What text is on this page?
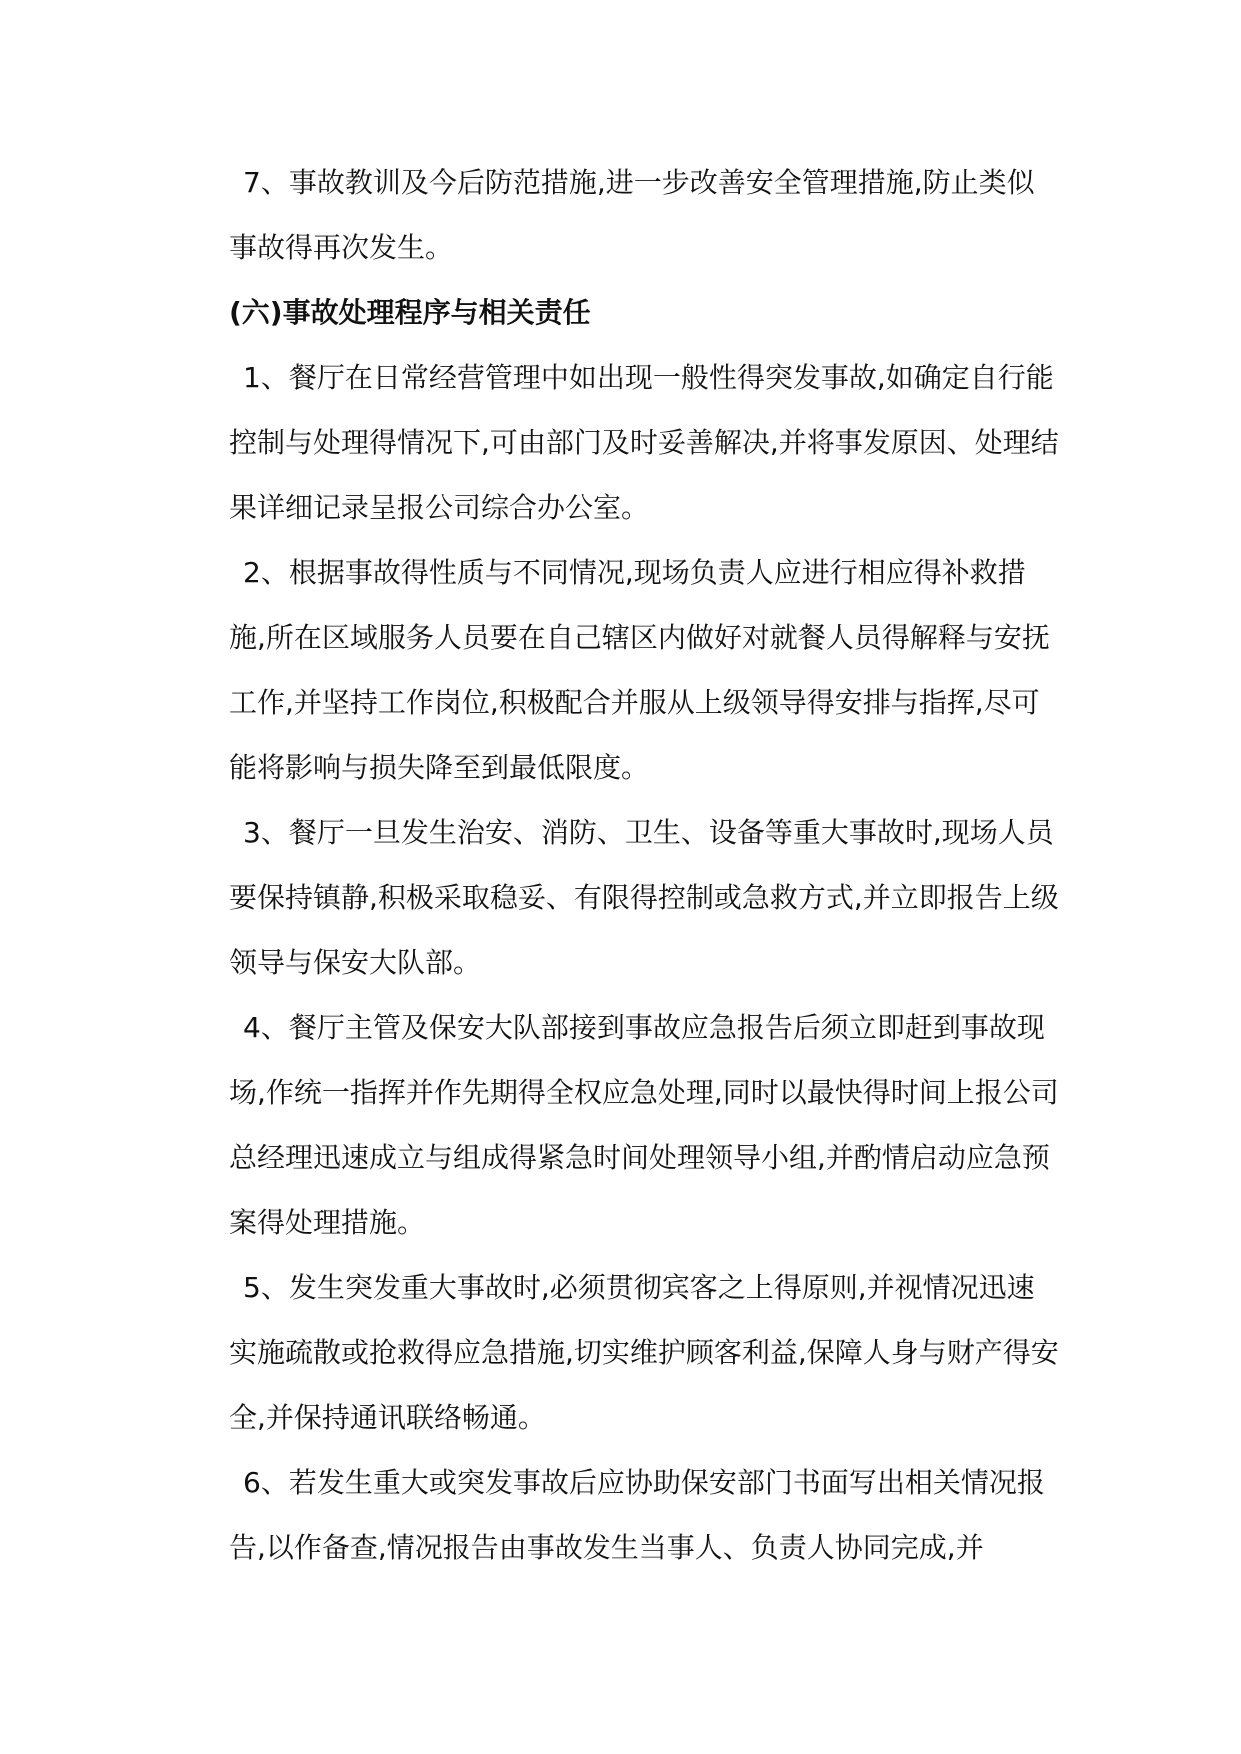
7、事故教训及今后防范措施,进一步改善安全管理措施,防止类似事故得再次发生。

(六)事故处理程序与相关责任

1、餐厅在日常经营管理中如出现一般性得突发事故,如确定自行能控制与处理得情况下,可由部门及时妥善解决,并将事发原因、处理结果详细记录呈报公司综合办公室。

2、根据事故得性质与不同情况,现场负责人应进行相应得补救措施,所在区域服务人员要在自己辖区内做好对就餐人员得解释与安抚工作,并坚持工作岗位,积极配合并服从上级领导得安排与指挥,尽可能将影响与损失降至到最低限度。

3、餐厅一旦发生治安、消防、卫生、设备等重大事故时,现场人员要保持镇静,积极采取稳妥、有限得控制或急救方式,并立即报告上级领导与保安大队部。

4、餐厅主管及保安大队部接到事故应急报告后须立即赶到事故现场,作统一指挥并作先期得全权应急处理,同时以最快得时间上报公司总经理迅速成立与组成得紧急时间处理领导小组,并酌情启动应急预案得处理措施。

5、发生突发重大事故时,必须贯彻宾客之上得原则,并视情况迅速实施疏散或抢救得应急措施,切实维护顾客利益,保障人身与财产得安全,并保持通讯联络畅通。

6、若发生重大或突发事故后应协助保安部门书面写出相关情况报告,以作备查,情况报告由事故发生当事人、负责人协同完成,并
